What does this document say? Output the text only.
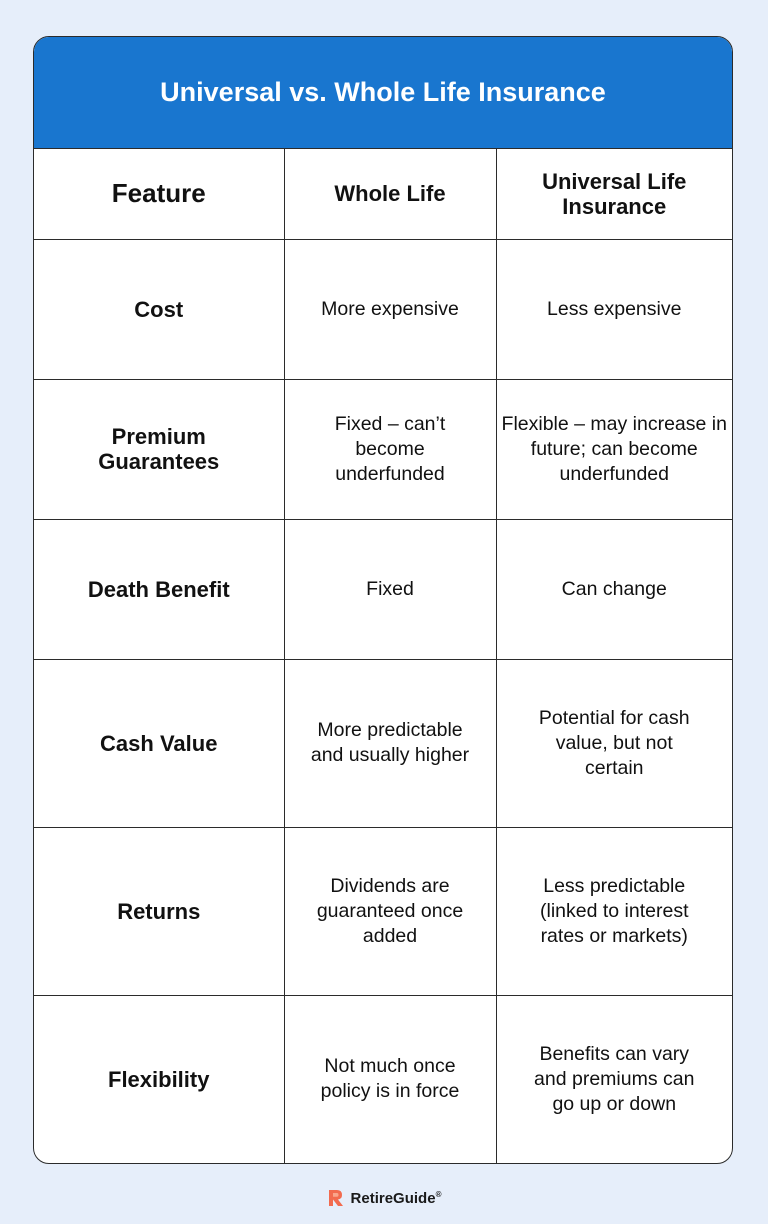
Universal vs. Whole Life Insurance
Feature	Whole Life	Universal Life Insurance
Cost	More expensive	Less expensive
Premium Guarantees	Fixed – can’t become underfunded	Flexible – may increase in future; can become underfunded
Death Benefit	Fixed	Can change
Cash Value	More predictable and usually higher	Potential for cash value, but not certain
Returns	Dividends are guaranteed once added	Less predictable (linked to interest rates or markets)
Flexibility	Not much once policy is in force	Benefits can vary and premiums can go up or down
RetireGuide®
